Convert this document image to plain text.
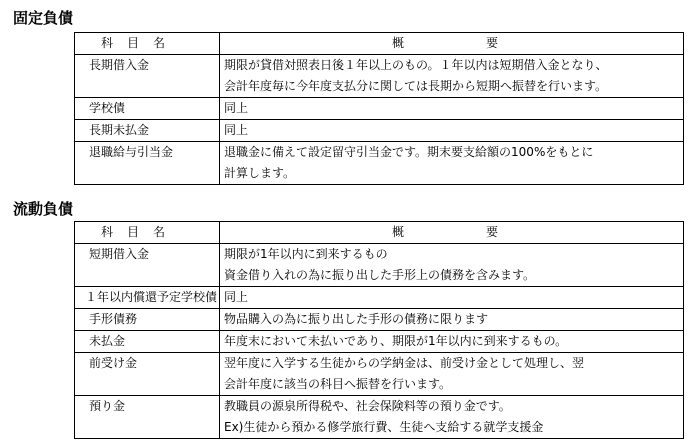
固定負債
科 目 名	概 要
長期借入金	期限が貸借対照表日後１年以上のもの。１年以内は短期借入金となり、
会計年度毎に今年度支払分に関しては長期から短期へ振替を行います。

学校債	同上

長期未払金	同上

退職給与引当金	退職金に備えて設定留守引当金です。期末要支給額の100%をもとに
計算します。
流動負債
科 目 名	概 要
短期借入金	期限が1年以内に到来するもの
資金借り入れの為に振り出した手形上の債務を含みます。

１年以内償還予定学校債	同上

手形債務	物品購入の為に振り出した手形の債務に限ります

未払金	年度末において未払いであり、期限が1年以内に到来するもの。

前受け金	翌年度に入学する生徒からの学納金は、前受け金として処理し、翌
会計年度に該当の科目へ振替を行います。

預り金	教職員の源泉所得税や、社会保険料等の預り金です。
Ex)生徒から預かる修学旅行費、生徒へ支給する就学支援金
